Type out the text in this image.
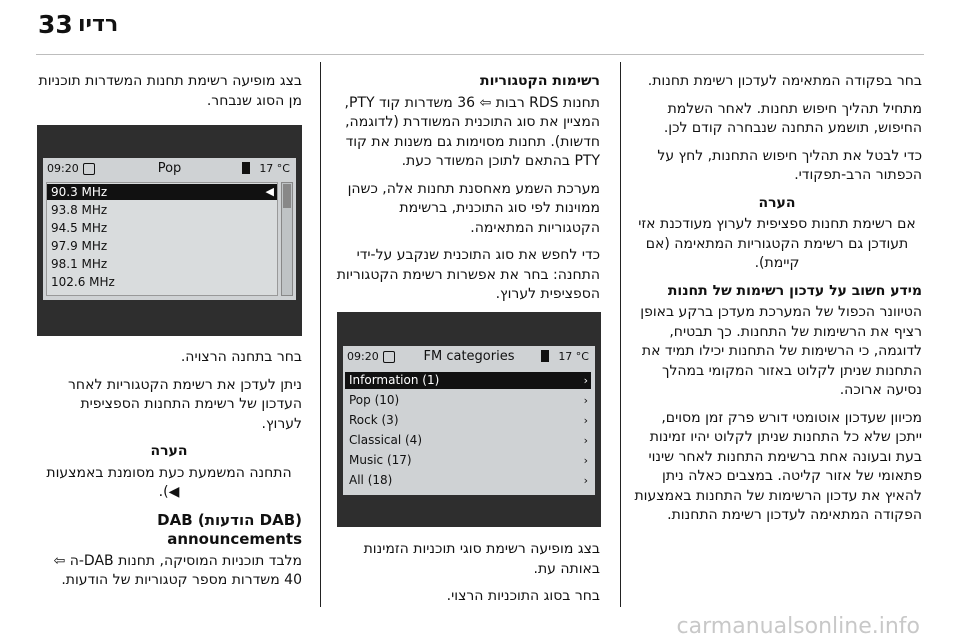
33 רדיו

בחר בפקודה המתאימה לעדכון רשימת תחנות.

מתחיל תהליך חיפוש תחנות. לאחר השלמת החיפוש, תושמע התחנה שנבחרה קודם לכן.

כדי לבטל את תהליך חיפוש התחנות, לחץ על הכפתור הרב-תפקודי.

הערה
אם רשימת תחנות ספציפית לערוץ מעודכנת אזי תעודכן גם רשימת הקטגוריות המתאימה (אם קיימת).
מידע חשוב על עדכון רשימות של תחנות

הטיוונר הכפול של המערכת מעדכן ברקע באופן רציף את הרשימות של התחנות. כך תבטיח, לדוגמה, כי הרשימות של התחנות יכילו תמיד את התחנות שניתן לקלוט באזור המקומי במהלך נסיעה ארוכה.

מכיוון שעדכון אוטומטי דורש פרק זמן מסוים, ייתכן שלא כל התחנות שניתן לקלוט יהיו זמינות בעת ובעונה אחת ברשימת התחנות לאחר שינוי פתאומי של אזור קליטה. במצבים כאלה ניתן להאיץ את עדכון הרשימות של התחנות באמצעות הפקודה המתאימה לעדכון רשימת התחנות.

רשימות הקטגוריות

תחנות RDS רבות ⇦ 36 משדרות קוד PTY, המציין את סוג התוכנית המשודרת (לדוגמה, חדשות). תחנות מסוימות גם משנות את קוד PTY בהתאם לתוכן המשודר כעת.

מערכת השמע מאחסנת תחנות אלה, כשהן ממוינות לפי סוג התוכנית, ברשימת הקטגוריות המתאימה.

כדי לחפש את סוג התוכנית שנקבע על-ידי התחנה: בחר את אפשרות רשימת הקטגוריות הספציפית לערוץ.

בצג מופיעה רשימת סוגי תוכניות הזמינות באותה עת.

בחר בסוג התוכניות הרצוי.

09:20	FM categories	17 °C
Information (1)	›
Pop (10)	›
Rock (3)	›
Classical (4)	›
Music (17)	›
All (18)	›

בצג מופיעה רשימת תחנות המשדרות תוכניות מן הסוג שנבחר.

09:20	Pop	17 °C
90.3 MHz	◀
93.8 MHz
94.5 MHz
97.9 MHz
98.1 MHz
102.6 MHz

בחר בתחנה הרצויה.

ניתן לעדכן את רשימת הקטגוריות לאחר העדכון של רשימת התחנות הספציפית לערוץ.

הערה
התחנה המשמעת כעת מסומנת באמצעות ◀).
(DAB הודעות) DAB announcements

מלבד תוכניות המוסיקה, תחנות DAB-ה ⇦ 40 משדרות מספר קטגוריות של הודעות.

carmanualsonline.info
